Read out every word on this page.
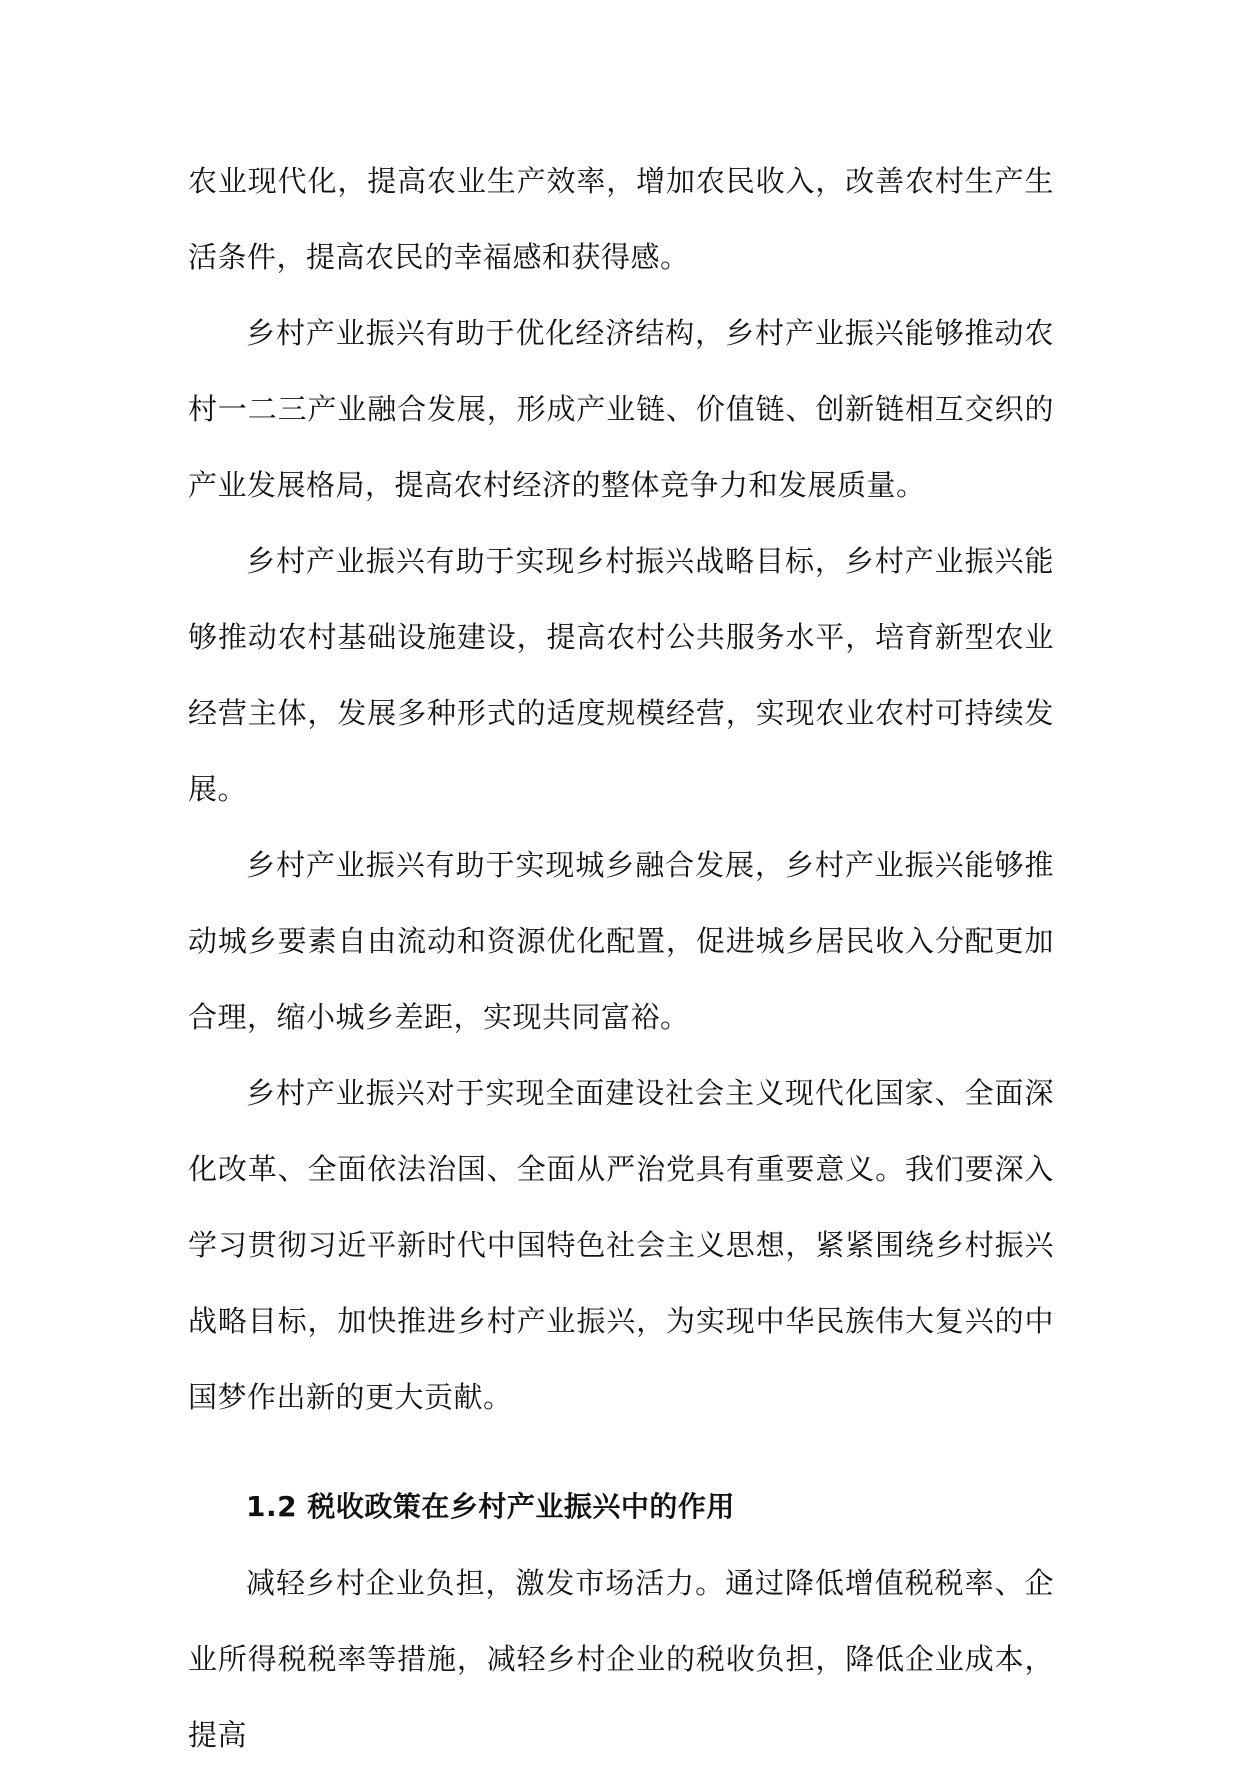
农业现代化，提高农业生产效率，增加农民收入，改善农村生产生活条件，提高农民的幸福感和获得感。

乡村产业振兴有助于优化经济结构，乡村产业振兴能够推动农村一二三产业融合发展，形成产业链、价值链、创新链相互交织的产业发展格局，提高农村经济的整体竞争力和发展质量。

乡村产业振兴有助于实现乡村振兴战略目标，乡村产业振兴能够推动农村基础设施建设，提高农村公共服务水平，培育新型农业经营主体，发展多种形式的适度规模经营，实现农业农村可持续发展。

乡村产业振兴有助于实现城乡融合发展，乡村产业振兴能够推动城乡要素自由流动和资源优化配置，促进城乡居民收入分配更加合理，缩小城乡差距，实现共同富裕。

乡村产业振兴对于实现全面建设社会主义现代化国家、全面深化改革、全面依法治国、全面从严治党具有重要意义。我们要深入学习贯彻习近平新时代中国特色社会主义思想，紧紧围绕乡村振兴战略目标，加快推进乡村产业振兴，为实现中华民族伟大复兴的中国梦作出新的更大贡献。

1.2 税收政策在乡村产业振兴中的作用

减轻乡村企业负担，激发市场活力。通过降低增值税税率、企业所得税税率等措施，减轻乡村企业的税收负担，降低企业成本，提高
